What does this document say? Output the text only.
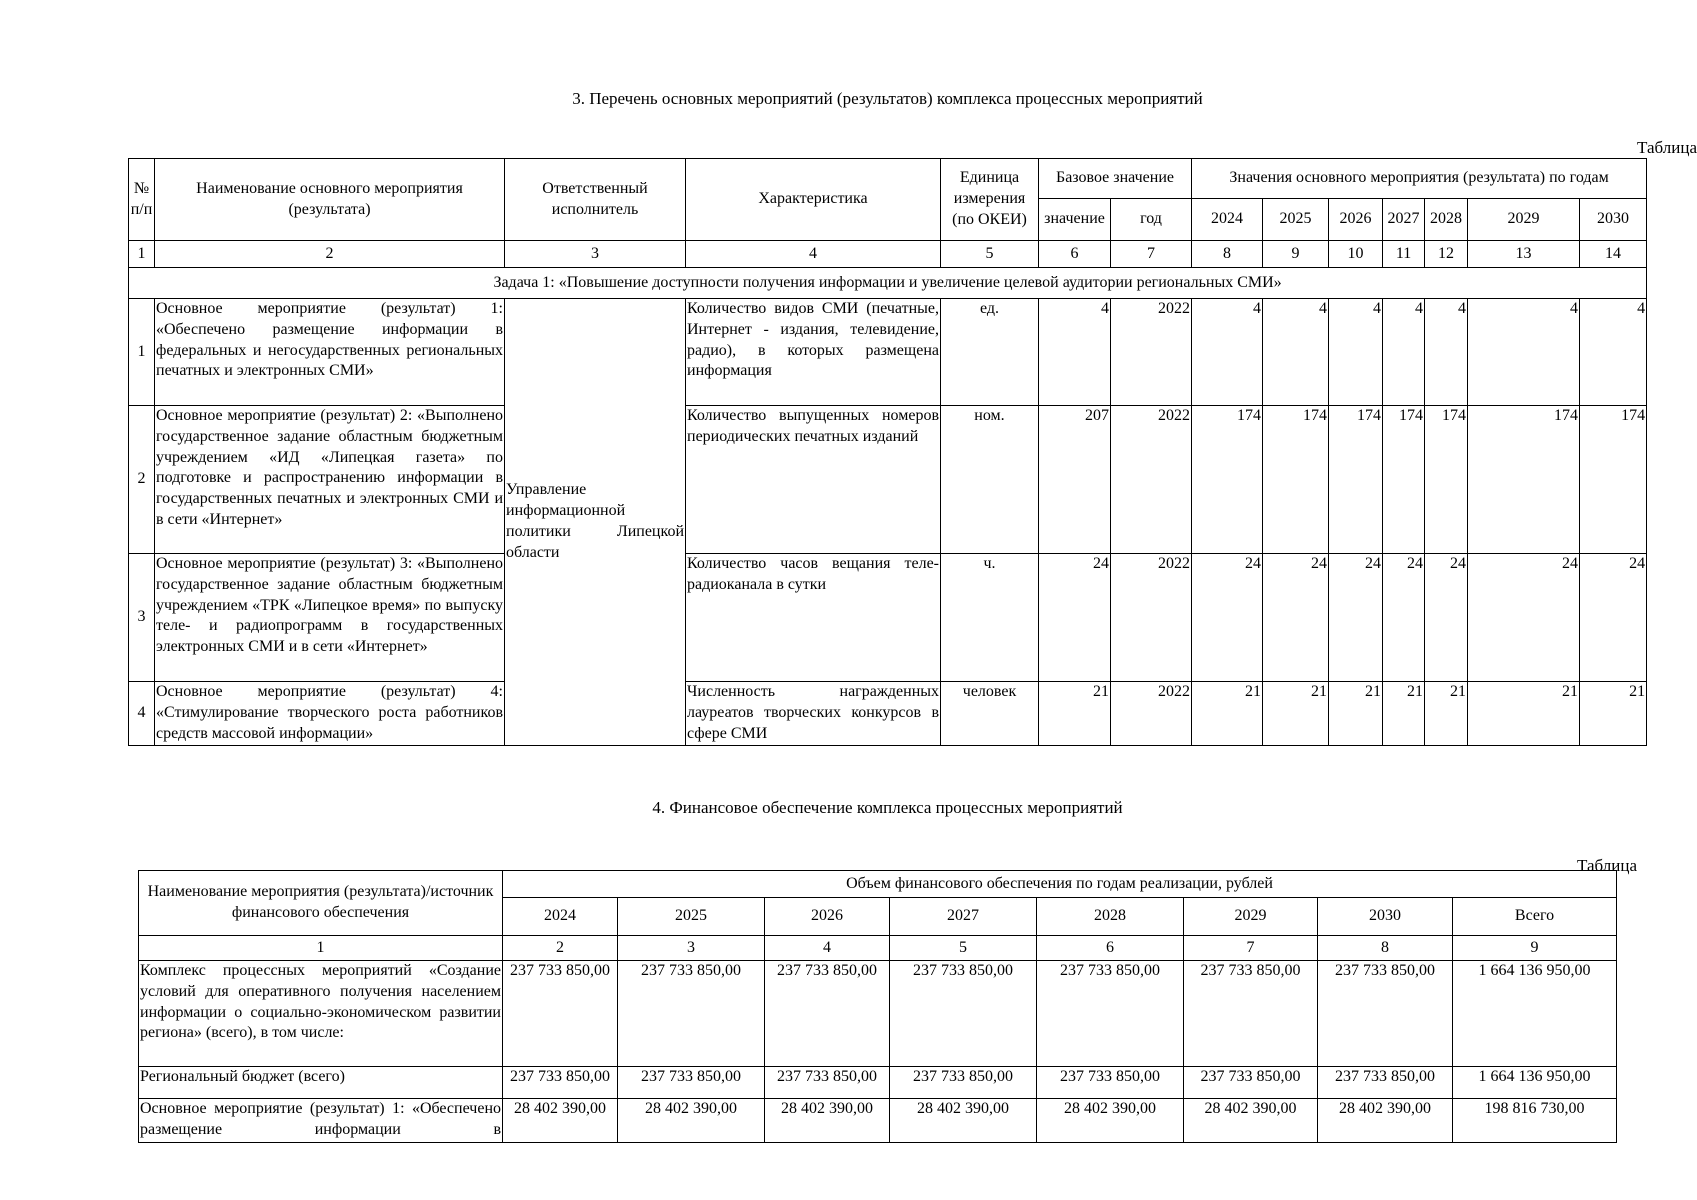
3. Перечень основных мероприятий (результатов) комплекса процессных мероприятий
Таблица
№ п/п	Наименование основного мероприятия (результата)	Ответственный исполнитель	Характеристика	Единица измерения (по ОКЕИ)	Базовое значение		Значения основного мероприятия (результата) по годам						
					значение	год	2024	2025	2026	2027	2028	2029	2030
1	2	3	4	5	6	7	8	9	10	11	12	13	14
Задача 1: «Повышение доступности получения информации и увеличение целевой аудитории региональных СМИ»													
1	Основное мероприятие (результат) 1: «Обеспечено размещение информации в федеральных и негосударственных региональных печатных и электронных СМИ»	Управление информационной политики Липецкой области	Количество видов СМИ (печатные, Интернет - издания, телевидение, радио), в которых размещена информация	ед.	4	2022	4	4	4	4	4	4	4
2	Основное мероприятие (результат) 2: «Выполнено государственное задание областным бюджетным учреждением «ИД «Липецкая газета» по подготовке и распространению информации в государственных печатных и электронных СМИ и в сети «Интернет»		Количество выпущенных номеров периодических печатных изданий	ном.	207	2022	174	174	174	174	174	174	174
3	Основное мероприятие (результат) 3: «Выполнено государственное задание областным бюджетным учреждением «ТРК «Липецкое время» по выпуску теле- и радиопрограмм в государственных электронных СМИ и в сети «Интернет»		Количество часов вещания теле-радиоканала в сутки	ч.	24	2022	24	24	24	24	24	24	24
4	Основное мероприятие (результат) 4: «Стимулирование творческого роста работников средств массовой информации»		Численность награжденных лауреатов творческих конкурсов в сфере СМИ	человек	21	2022	21	21	21	21	21	21	21
4. Финансовое обеспечение комплекса процессных мероприятий
Таблица
Наименование мероприятия (результата)/источник финансового обеспечения	Объем финансового обеспечения по годам реализации, рублей							
	2024	2025	2026	2027	2028	2029	2030	Всего
1	2	3	4	5	6	7	8	9
Комплекс процессных мероприятий «Создание условий для оперативного получения населением информации о социально-экономическом развитии региона» (всего), в том числе:	237 733 850,00	237 733 850,00	237 733 850,00	237 733 850,00	237 733 850,00	237 733 850,00	237 733 850,00	1 664 136 950,00
Региональный бюджет (всего)	237 733 850,00	237 733 850,00	237 733 850,00	237 733 850,00	237 733 850,00	237 733 850,00	237 733 850,00	1 664 136 950,00
Основное мероприятие (результат) 1: «Обеспечено размещение информации в	28 402 390,00	28 402 390,00	28 402 390,00	28 402 390,00	28 402 390,00	28 402 390,00	28 402 390,00	198 816 730,00
